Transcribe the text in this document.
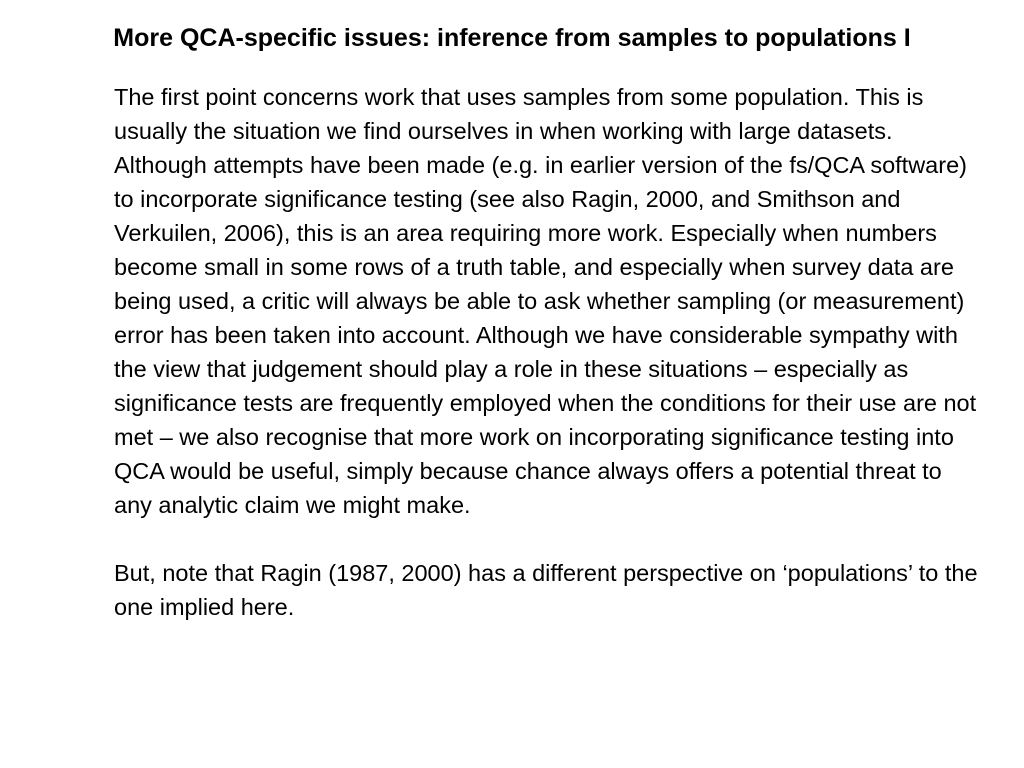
More QCA-specific issues: inference from samples to populations I

The first point concerns work that uses samples from some population. This is usually the situation we find ourselves in when working with large datasets. Although attempts have been made (e.g. in earlier version of the fs/QCA software) to incorporate significance testing (see also Ragin, 2000, and Smithson and Verkuilen, 2006), this is an area requiring more work. Especially when numbers become small in some rows of a truth table, and especially when survey data are being used, a critic will always be able to ask whether sampling (or measurement) error has been taken into account. Although we have considerable sympathy with the view that judgement should play a role in these situations – especially as significance tests are frequently employed when the conditions for their use are not met – we also recognise that more work on incorporating significance testing into QCA would be useful, simply because chance always offers a potential threat to any analytic claim we might make.

But, note that Ragin (1987, 2000) has a different perspective on ‘populations’ to the one implied here.
